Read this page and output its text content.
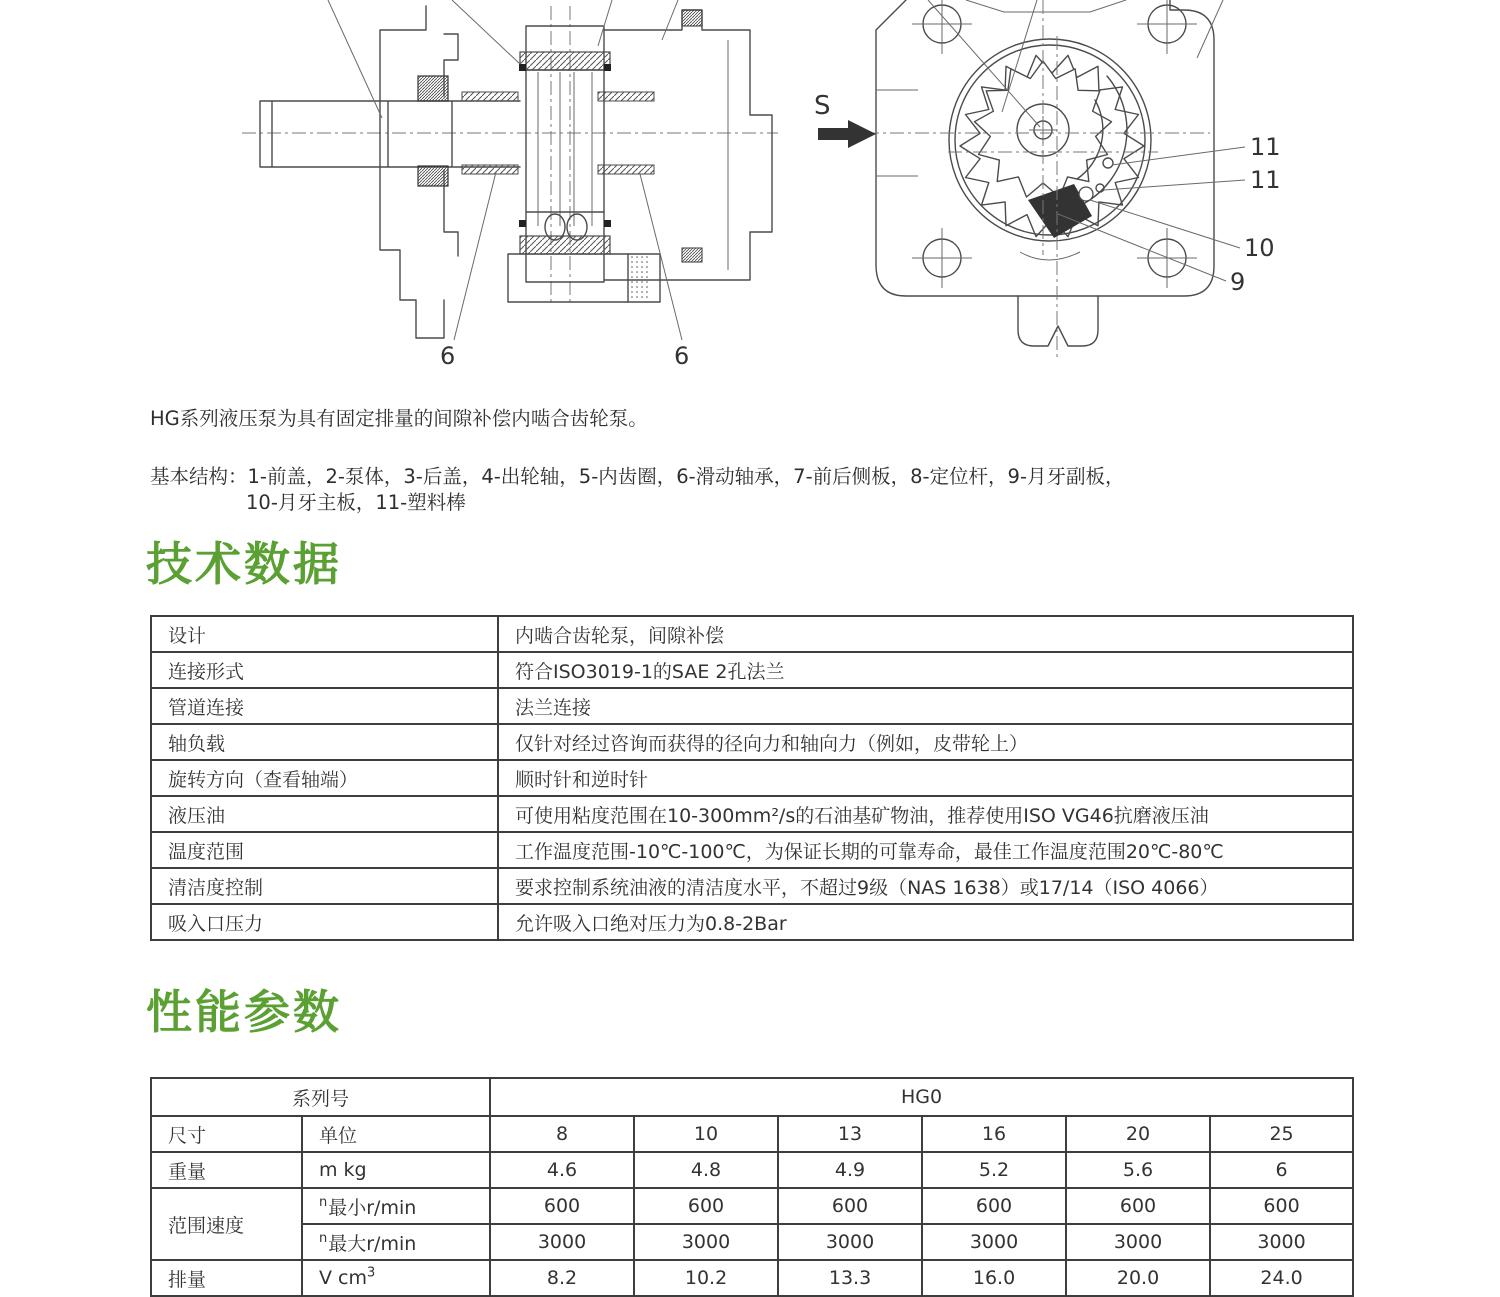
6	6
S
11
11
10
9
HG系列液压泵为具有固定排量的间隙补偿内啮合齿轮泵。
基本结构：1-前盖，2-泵体，3-后盖，4-出轮轴，5-内齿圈，6-滑动轴承，7-前后侧板，8-定位杆，9-月牙副板，
10-月牙主板，11-塑料棒
技术数据
设计	内啮合齿轮泵，间隙补偿
连接形式	符合ISO3019-1的SAE 2孔法兰
管道连接	法兰连接
轴负载	仅针对经过咨询而获得的径向力和轴向力（例如，皮带轮上）
旋转方向（查看轴端）	顺时针和逆时针
液压油	可使用粘度范围在10-300mm²/s的石油基矿物油，推荐使用ISO VG46抗磨液压油
温度范围	工作温度范围-10℃-100℃，为保证长期的可靠寿命，最佳工作温度范围20℃-80℃
清洁度控制	要求控制系统油液的清洁度水平，不超过9级（NAS 1638）或17/14（ISO 4066）
吸入口压力	允许吸入口绝对压力为0.8-2Bar
性能参数
系列号		HG0					
尺寸	单位	8	10	13	16	20	25
重量	m kg	4.6	4.8	4.9	5.2	5.6	6
范围速度	$^n$最小r/min	600	600	600	600	600	600
	$^n$最大r/min	3000	3000	3000	3000	3000	3000
排量	V $cm^3$	8.2	10.2	13.3	16.0	20.0	24.0
